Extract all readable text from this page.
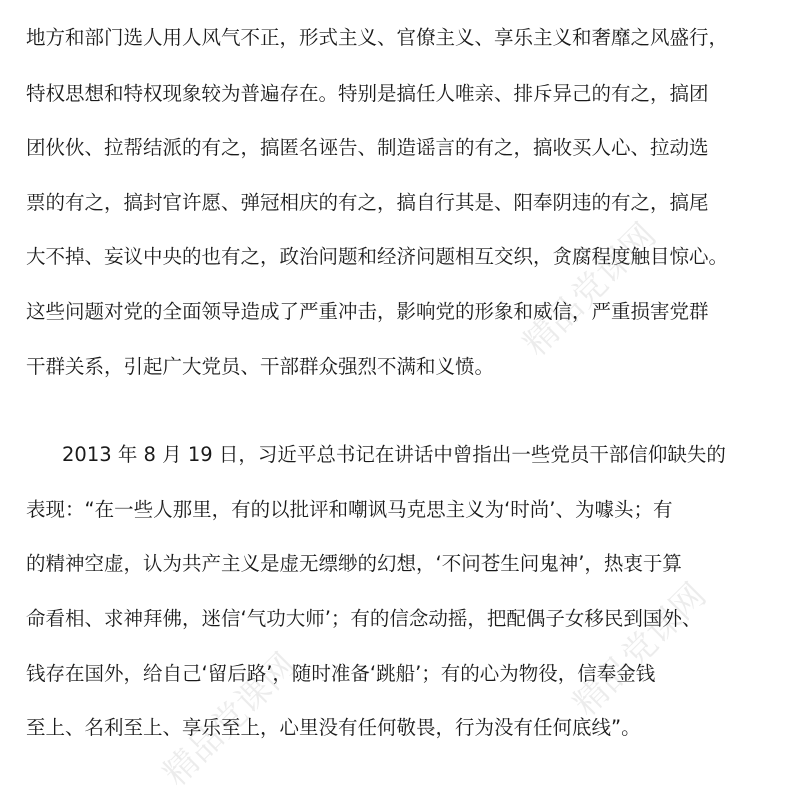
精品党课网
精品党课网	精品党课网
地方和部门选人用人风气不正，形式主义、官僚主义、享乐主义和奢靡之风盛行，
特权思想和特权现象较为普遍存在。特别是搞任人唯亲、排斥异己的有之，搞团
团伙伙、拉帮结派的有之，搞匿名诬告、制造谣言的有之，搞收买人心、拉动选
票的有之，搞封官许愿、弹冠相庆的有之，搞自行其是、阳奉阴违的有之，搞尾
大不掉、妄议中央的也有之，政治问题和经济问题相互交织，贪腐程度触目惊心。
这些问题对党的全面领导造成了严重冲击，影响党的形象和威信，严重损害党群
干群关系，引起广大党员、干部群众强烈不满和义愤。
2013 年 8 月 19 日，习近平总书记在讲话中曾指出一些党员干部信仰缺失的
表现：“在一些人那里，有的以批评和嘲讽马克思主义为‘时尚’、为噱头；有
的精神空虚，认为共产主义是虚无缥缈的幻想，‘不问苍生问鬼神’，热衷于算
命看相、求神拜佛，迷信‘气功大师’；有的信念动摇，把配偶子女移民到国外、
钱存在国外，给自己‘留后路’，随时准备‘跳船’；有的心为物役，信奉金钱
至上、名利至上、享乐至上，心里没有任何敬畏，行为没有任何底线”。
